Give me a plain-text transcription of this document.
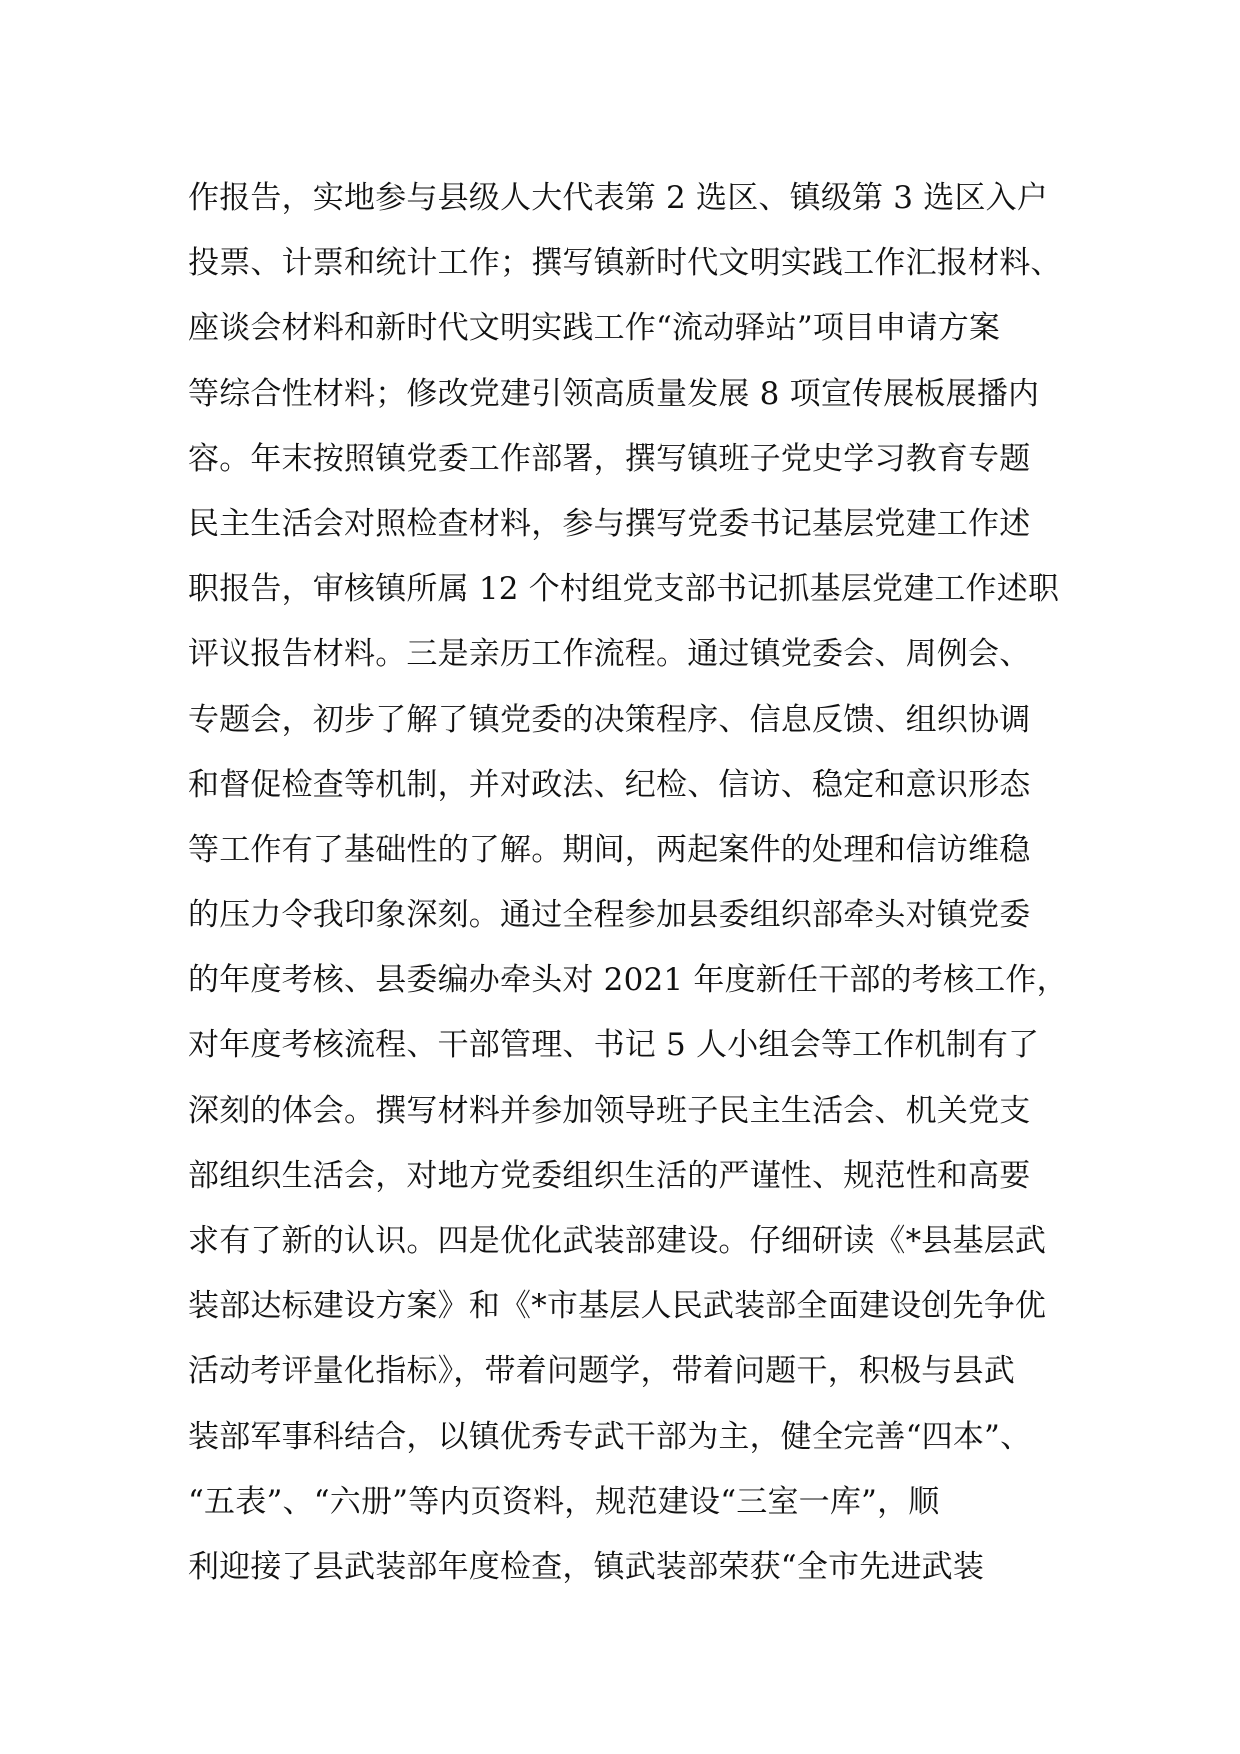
作报告，实地参与县级人大代表第 2 选区、镇级第 3 选区入户
投票、计票和统计工作；撰写镇新时代文明实践工作汇报材料、
座谈会材料和新时代文明实践工作“流动驿站”项目申请方案
等综合性材料；修改党建引领高质量发展 8 项宣传展板展播内
容。年末按照镇党委工作部署，撰写镇班子党史学习教育专题
民主生活会对照检查材料，参与撰写党委书记基层党建工作述
职报告，审核镇所属 12 个村组党支部书记抓基层党建工作述职
评议报告材料。三是亲历工作流程。通过镇党委会、周例会、
专题会，初步了解了镇党委的决策程序、信息反馈、组织协调
和督促检查等机制，并对政法、纪检、信访、稳定和意识形态
等工作有了基础性的了解。期间，两起案件的处理和信访维稳
的压力令我印象深刻。通过全程参加县委组织部牵头对镇党委
的年度考核、县委编办牵头对 2021 年度新任干部的考核工作，
对年度考核流程、干部管理、书记 5 人小组会等工作机制有了
深刻的体会。撰写材料并参加领导班子民主生活会、机关党支
部组织生活会，对地方党委组织生活的严谨性、规范性和高要
求有了新的认识。四是优化武装部建设。仔细研读《*县基层武
装部达标建设方案》和《*市基层人民武装部全面建设创先争优
活动考评量化指标》，带着问题学，带着问题干，积极与县武
装部军事科结合，以镇优秀专武干部为主，健全完善“四本”、
“五表”、“六册”等内页资料，规范建设“三室一库”，顺
利迎接了县武装部年度检查，镇武装部荣获“全市先进武装
